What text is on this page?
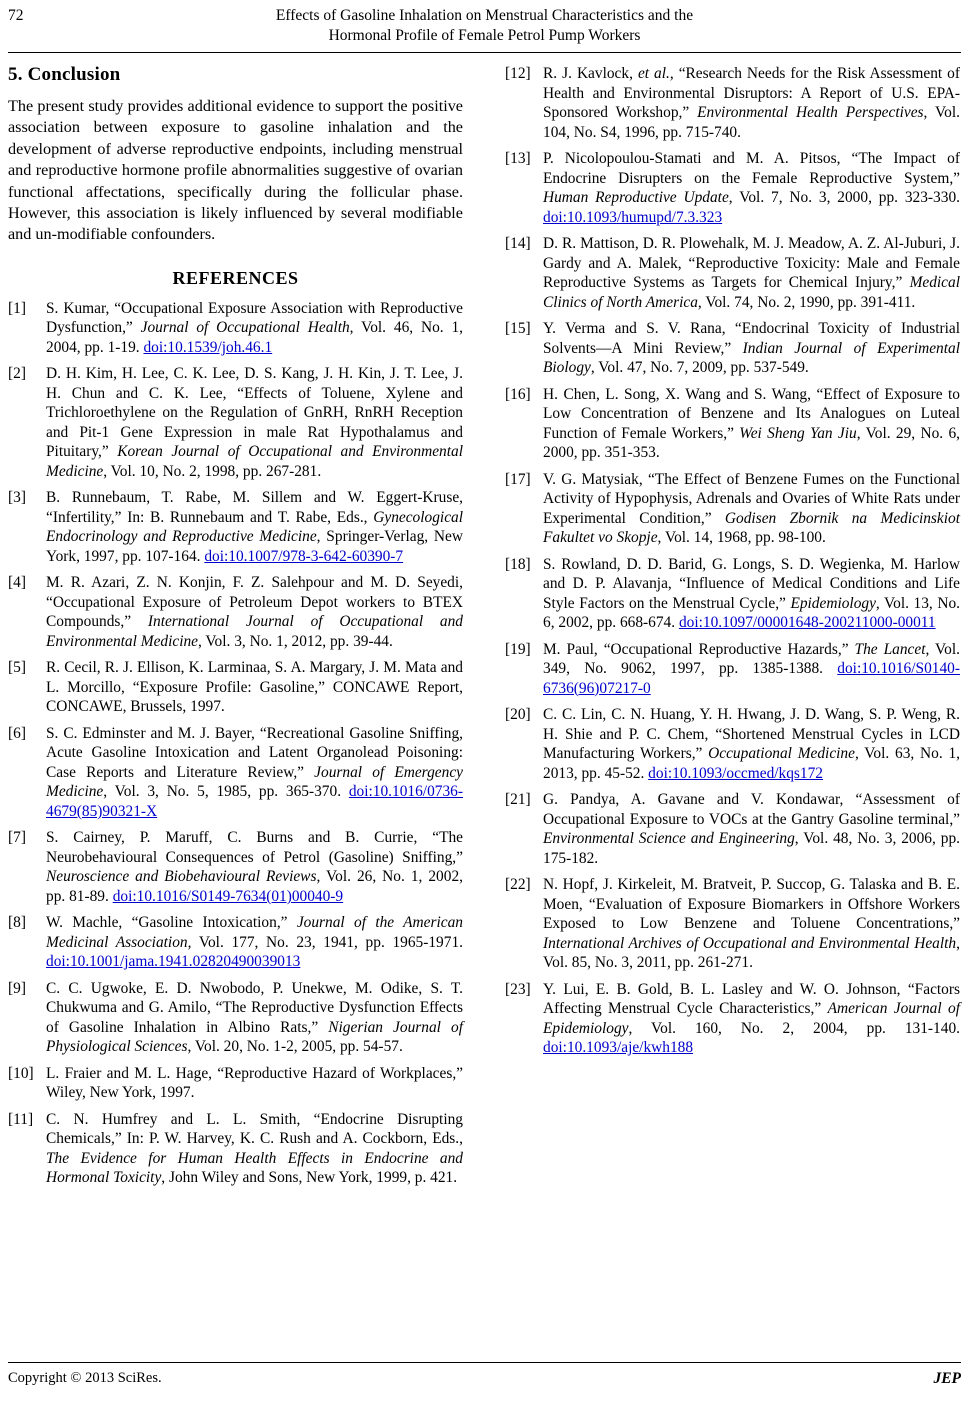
72	Effects of Gasoline Inhalation on Menstrual Characteristics and the
Hormonal Profile of Female Petrol Pump Workers
5. Conclusion

The present study provides additional evidence to support the positive association between exposure to gasoline inhalation and the development of adverse reproductive endpoints, including menstrual and reproductive hormone profile abnormalities suggestive of ovarian functional affectations, specifically during the follicular phase. However, this association is likely influenced by several modifiable and un-modifiable confounders.

REFERENCES
[1]	S. Kumar, “Occupational Exposure Association with Reproductive Dysfunction,” Journal of Occupational Health, Vol. 46, No. 1, 2004, pp. 1-19. doi:10.1539/joh.46.1
[2]	D. H. Kim, H. Lee, C. K. Lee, D. S. Kang, J. H. Kin, J. T. Lee, J. H. Chun and C. K. Lee, “Effects of Toluene, Xylene and Trichloroethylene on the Regulation of GnRH, RnRH Reception and Pit-1 Gene Expression in male Rat Hypothalamus and Pituitary,” Korean Journal of Occupational and Environmental Medicine, Vol. 10, No. 2, 1998, pp. 267-281.
[3]	B. Runnebaum, T. Rabe, M. Sillem and W. Eggert-Kruse, “Infertility,” In: B. Runnebaum and T. Rabe, Eds., Gynecological Endocrinology and Reproductive Medicine, Springer-Verlag, New York, 1997, pp. 107-164. doi:10.1007/978-3-642-60390-7
[4]	M. R. Azari, Z. N. Konjin, F. Z. Salehpour and M. D. Seyedi, “Occupational Exposure of Petroleum Depot workers to BTEX Compounds,” International Journal of Occupational and Environmental Medicine, Vol. 3, No. 1, 2012, pp. 39-44.
[5]	R. Cecil, R. J. Ellison, K. Larminaa, S. A. Margary, J. M. Mata and L. Morcillo, “Exposure Profile: Gasoline,” CONCAWE Report, CONCAWE, Brussels, 1997.
[6]	S. C. Edminster and M. J. Bayer, “Recreational Gasoline Sniffing, Acute Gasoline Intoxication and Latent Organolead Poisoning: Case Reports and Literature Review,” Journal of Emergency Medicine, Vol. 3, No. 5, 1985, pp. 365-370. doi:10.1016/0736-4679(85)90321-X
[7]	S. Cairney, P. Maruff, C. Burns and B. Currie, “The Neurobehavioural Consequences of Petrol (Gasoline) Sniffing,” Neuroscience and Biobehavioural Reviews, Vol. 26, No. 1, 2002, pp. 81-89. doi:10.1016/S0149-7634(01)00040-9
[8]	W. Machle, “Gasoline Intoxication,” Journal of the American Medicinal Association, Vol. 177, No. 23, 1941, pp. 1965-1971. doi:10.1001/jama.1941.02820490039013
[9]	C. C. Ugwoke, E. D. Nwobodo, P. Unekwe, M. Odike, S. T. Chukwuma and G. Amilo, “The Reproductive Dysfunction Effects of Gasoline Inhalation in Albino Rats,” Nigerian Journal of Physiological Sciences, Vol. 20, No. 1-2, 2005, pp. 54-57.
[10] L. Fraier and M. L. Hage, “Reproductive Hazard of Workplaces,” Wiley, New York, 1997.
[11] C. N. Humfrey and L. L. Smith, “Endocrine Disrupting Chemicals,” In: P. W. Harvey, K. C. Rush and A. Cockborn, Eds., The Evidence for Human Health Effects in Endocrine and Hormonal Toxicity, John Wiley and Sons, New York, 1999, p. 421.
[12] R. J. Kavlock, et al., “Research Needs for the Risk Assessment of Health and Environmental Disruptors: A Report of U.S. EPA-Sponsored Workshop,” Environmental Health Perspectives, Vol. 104, No. S4, 1996, pp. 715-740.
[13] P. Nicolopoulou-Stamati and M. A. Pitsos, “The Impact of Endocrine Disrupters on the Female Reproductive System,” Human Reproductive Update, Vol. 7, No. 3, 2000, pp. 323-330. doi:10.1093/humupd/7.3.323
[14] D. R. Mattison, D. R. Plowehalk, M. J. Meadow, A. Z. Al-Juburi, J. Gardy and A. Malek, “Reproductive Toxicity: Male and Female Reproductive Systems as Targets for Chemical Injury,” Medical Clinics of North America, Vol. 74, No. 2, 1990, pp. 391-411.
[15] Y. Verma and S. V. Rana, “Endocrinal Toxicity of Industrial Solvents—A Mini Review,” Indian Journal of Experimental Biology, Vol. 47, No. 7, 2009, pp. 537-549.
[16] H. Chen, L. Song, X. Wang and S. Wang, “Effect of Exposure to Low Concentration of Benzene and Its Analogues on Luteal Function of Female Workers,” Wei Sheng Yan Jiu, Vol. 29, No. 6, 2000, pp. 351-353.
[17] V. G. Matysiak, “The Effect of Benzene Fumes on the Functional Activity of Hypophysis, Adrenals and Ovaries of White Rats under Experimental Condition,” Godisen Zbornik na Medicinskiot Fakultet vo Skopje, Vol. 14, 1968, pp. 98-100.
[18] S. Rowland, D. D. Barid, G. Longs, S. D. Wegienka, M. Harlow and D. P. Alavanja, “Influence of Medical Conditions and Life Style Factors on the Menstrual Cycle,” Epidemiology, Vol. 13, No. 6, 2002, pp. 668-674. doi:10.1097/00001648-200211000-00011
[19] M. Paul, “Occupational Reproductive Hazards,” The Lancet, Vol. 349, No. 9062, 1997, pp. 1385-1388. doi:10.1016/S0140-6736(96)07217-0
[20] C. C. Lin, C. N. Huang, Y. H. Hwang, J. D. Wang, S. P. Weng, R. H. Shie and P. C. Chem, “Shortened Menstrual Cycles in LCD Manufacturing Workers,” Occupational Medicine, Vol. 63, No. 1, 2013, pp. 45-52. doi:10.1093/occmed/kqs172
[21] G. Pandya, A. Gavane and V. Kondawar, “Assessment of Occupational Exposure to VOCs at the Gantry Gasoline terminal,” Environmental Science and Engineering, Vol. 48, No. 3, 2006, pp. 175-182.
[22] N. Hopf, J. Kirkeleit, M. Bratveit, P. Succop, G. Talaska and B. E. Moen, “Evaluation of Exposure Biomarkers in Offshore Workers Exposed to Low Benzene and Toluene Concentrations,” International Archives of Occupational and Environmental Health, Vol. 85, No. 3, 2011, pp. 261-271.
[23] Y. Lui, E. B. Gold, B. L. Lasley and W. O. Johnson, “Factors Affecting Menstrual Cycle Characteristics,” American Journal of Epidemiology, Vol. 160, No. 2, 2004, pp. 131-140. doi:10.1093/aje/kwh188
Copyright © 2013 SciRes.	JEP
